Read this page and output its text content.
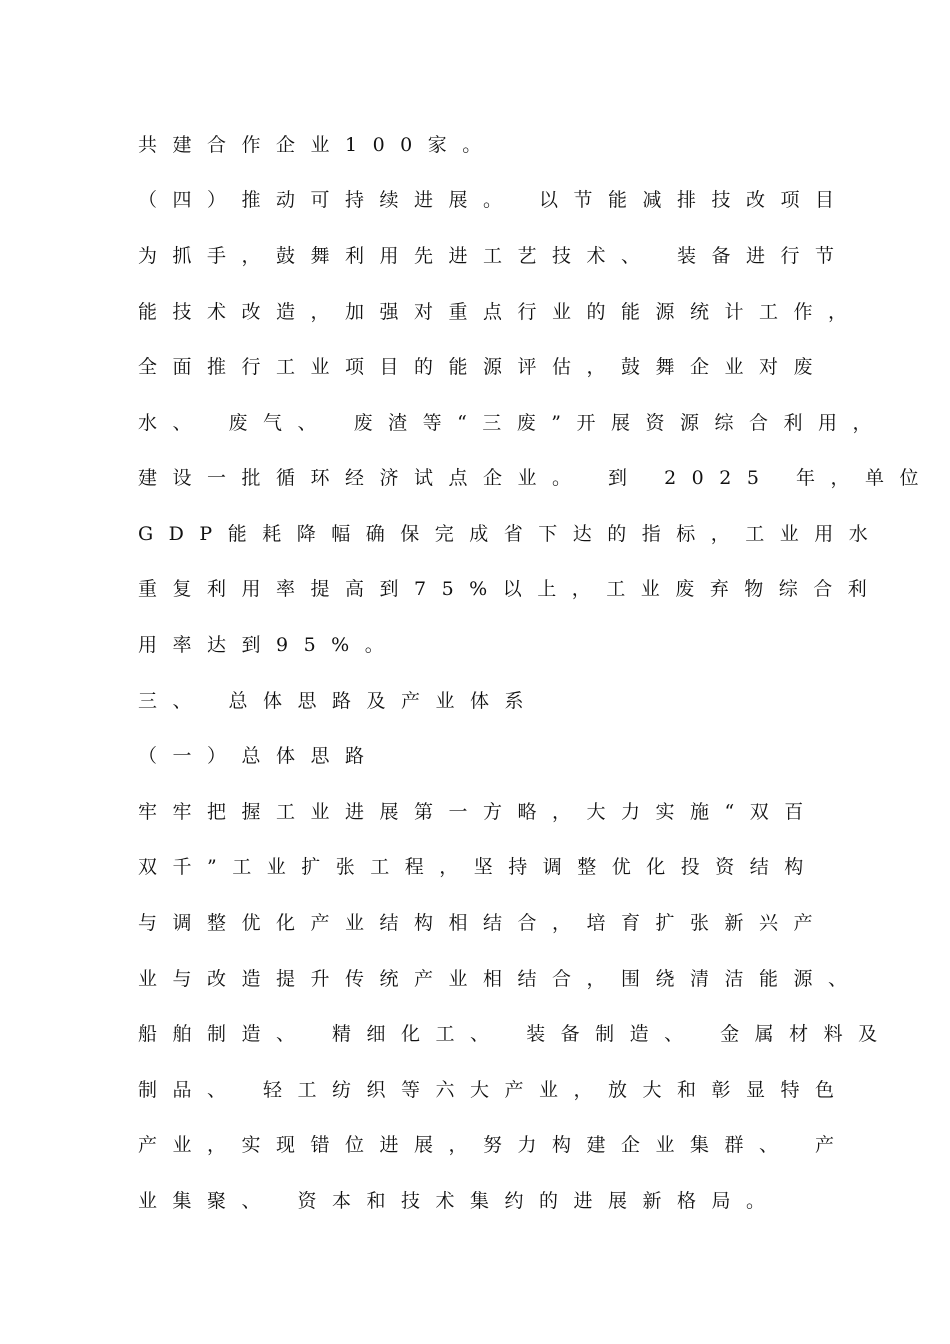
共建合作企业100家。
（四）推动可持续进展。 以节能减排技改项目
为抓手，鼓舞利用先进工艺技术、 装备进行节
能技术改造，加强对重点行业的能源统计工作，
全面推行工业项目的能源评估，鼓舞企业对废
水、 废气、 废渣等“三废”开展资源综合利用，
建设一批循环经济试点企业。 到 2025 年，单位
GDP能耗降幅确保完成省下达的指标，工业用水
重复利用率提高到75%以上，工业废弃物综合利
用率达到95%。
三、 总体思路及产业体系
（一）总体思路
牢牢把握工业进展第一方略，大力实施“双百
双千”工业扩张工程，坚持调整优化投资结构
与调整优化产业结构相结合，培育扩张新兴产
业与改造提升传统产业相结合，围绕清洁能源、
船舶制造、 精细化工、 装备制造、 金属材料及
制品、 轻工纺织等六大产业，放大和彰显特色
产业，实现错位进展，努力构建企业集群、 产
业集聚、 资本和技术集约的进展新格局。
